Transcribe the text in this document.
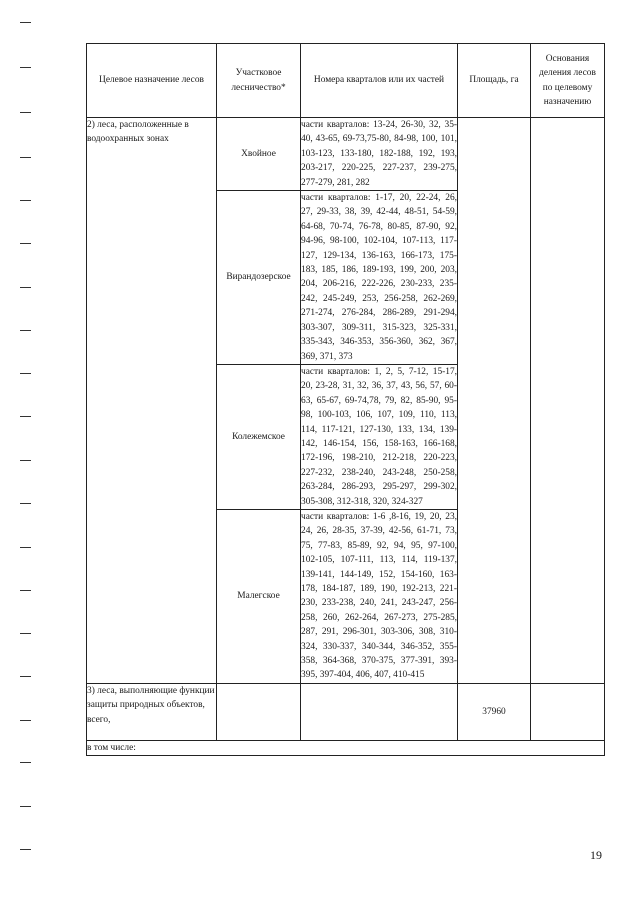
Целевое назначение лесов	Участковое лесничество*	Номера кварталов или их частей	Площадь, га	Основания деления лесов по целевому назначению

2) леса, расположенные в водоохранных зонах	Хвойное	части кварталов: 13-24, 26-30, 32, 35-40, 43-65, 69-73,75-80, 84-98, 100, 101, 103-123, 133-180, 182-188, 192, 193, 203-217, 220-225, 227-237, 239-275, 277-279, 281, 282		
	Вирандозерское	части кварталов: 1-17, 20, 22-24, 26, 27, 29-33, 38, 39, 42-44, 48-51, 54-59, 64-68, 70-74, 76-78, 80-85, 87-90, 92, 94-96, 98-100, 102-104, 107-113, 117-127, 129-134, 136-163, 166-173, 175-183, 185, 186, 189-193, 199, 200, 203, 204, 206-216, 222-226, 230-233, 235-242, 245-249, 253, 256-258, 262-269, 271-274, 276-284, 286-289, 291-294, 303-307, 309-311, 315-323, 325-331, 335-343, 346-353, 356-360, 362, 367, 369, 371, 373		
	Колежемское	части кварталов: 1, 2, 5, 7-12, 15-17, 20, 23-28, 31, 32, 36, 37, 43, 56, 57, 60-63, 65-67, 69-74,78, 79, 82, 85-90, 95-98, 100-103, 106, 107, 109, 110, 113, 114, 117-121, 127-130, 133, 134, 139-142, 146-154, 156, 158-163, 166-168, 172-196, 198-210, 212-218, 220-223, 227-232, 238-240, 243-248, 250-258, 263-284, 286-293, 295-297, 299-302, 305-308, 312-318, 320, 324-327		
	Малегское	части кварталов: 1-6 ,8-16, 19, 20, 23, 24, 26, 28-35, 37-39, 42-56, 61-71, 73, 75, 77-83, 85-89, 92, 94, 95, 97-100, 102-105, 107-111, 113, 114, 119-137, 139-141, 144-149, 152, 154-160, 163-178, 184-187, 189, 190, 192-213, 221-230, 233-238, 240, 241, 243-247, 256-258, 260, 262-264, 267-273, 275-285, 287, 291, 296-301, 303-306, 308, 310-324, 330-337, 340-344, 346-352, 355-358, 364-368, 370-375, 377-391, 393-395, 397-404, 406, 407, 410-415		
3) леса, выполняющие функции защиты природных объектов, всего,			37960	
в том числе:				
19
